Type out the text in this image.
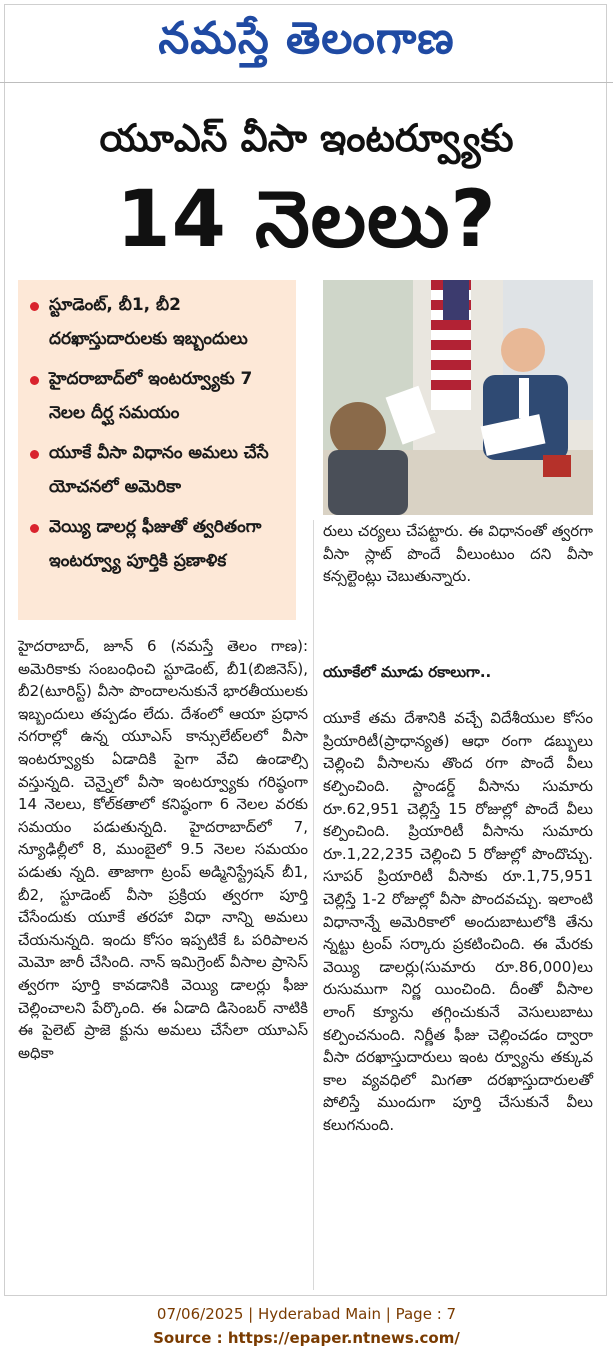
నమస్తే తెలంగాణ
యూఎస్ వీసా ఇంటర్వ్యూకు
14 నెలలు?
స్టూడెంట్, బీ1, బీ2 దరఖాస్తుదారులకు ఇబ్బందులు
హైదరాబాద్‌లో ఇంటర్వ్యూకు 7 నెలల దీర్ఘ సమయం
యూకే వీసా విధానం అమలు చేసే యోచనలో అమెరికా
వెయ్యి డాలర్ల ఫీజుతో త్వరితంగా ఇంటర్వ్యూ పూర్తికి ప్రణాళిక
రులు చర్యలు చేపట్టారు. ఈ విధానంతో త్వరగా వీసా స్లాట్ పొందే వీలుంటుం దని వీసా కన్సల్టెంట్లు చెబుతున్నారు.
హైదరాబాద్, జూన్ 6 (నమస్తే తెలం గాణ): అమెరికాకు సంబంధించి స్టూడెంట్, బీ1(బిజినెస్), బీ2(టూరిస్ట్) వీసా పొందాలనుకునే భారతీయులకు ఇబ్బందులు తప్పడం లేదు. దేశంలో ఆయా ప్రధాన నగరాల్లో ఉన్న యూఎస్ కాన్సులేట్‌లలో వీసా ఇంటర్వ్యూకు ఏడాదికి పైగా వేచి ఉండాల్సి వస్తున్నది. చెన్నైలో వీసా ఇంటర్వ్యూకు గరిష్ఠంగా 14 నెలలు, కోల్‌కతాలో కనిష్ఠంగా 6 నెలల వరకు సమయం పడుతున్నది. హైదరాబాద్‌లో 7, న్యూఢిల్లీలో 8, ముంబైలో 9.5 నెలల సమయం పడుతు న్నది. తాజాగా ట్రంప్ అడ్మినిస్ట్రేషన్ బీ1, బీ2, స్టూడెంట్ వీసా ప్రక్రియ త్వరగా పూర్తి చేసేందుకు యూకే తరహా విధా నాన్ని అమలు చేయనున్నది. ఇందు కోసం ఇప్పటికే ఓ పరిపాలన మెమో జారీ చేసింది. నాన్ ఇమిగ్రెంట్ వీసాల ప్రాసెస్ త్వరగా పూర్తి కావడానికి వెయ్యి డాలర్లు ఫీజు చెల్లించాలని పేర్కొంది. ఈ ఏడాది డిసెంబర్ నాటికి ఈ పైలెట్ ప్రాజె క్టును అమలు చేసేలా యూఎస్ అధికా

యూకేలో మూడు రకాలుగా..

యూకే తమ దేశానికి వచ్చే విదేశీయుల కోసం ప్రియారిటీ(ప్రాధాన్యత) ఆధా రంగా డబ్బులు చెల్లించి వీసాలను తొంద రగా పొందే వీలు కల్పించింది. స్టాండర్డ్ వీసాను సుమారు రూ.62,951 చెల్లిస్తే 15 రోజుల్లో పొందే వీలు కల్పించింది. ప్రియారిటీ వీసాను సుమారు రూ.1,22,235 చెల్లించి 5 రోజుల్లో పొందొచ్చు. సూపర్ ప్రియారిటీ వీసాకు రూ.1,75,951 చెల్లిస్తే 1-2 రోజుల్లో వీసా పొందవచ్చు. ఇలాంటి విధానాన్నే అమెరికాలో అందుబాటులోకి తేను న్నట్టు ట్రంప్ సర్కారు ప్రకటించింది. ఈ మేరకు వెయ్యి డాలర్లు(సుమారు రూ.86,000)లు రుసుముగా నిర్ణ యించింది. దీంతో వీసాల లాంగ్ క్యూను తగ్గించుకునే వెసులుబాటు కల్పించనుంది. నిర్ణీత ఫీజు చెల్లించడం ద్వారా వీసా దరఖాస్తుదారులు ఇంట ర్వ్యూను తక్కువ కాల వ్యవధిలో మిగతా దరఖాస్తుదారులతో పోలిస్తే ముందుగా పూర్తి చేసుకునే వీలు కలుగనుంది.

07/06/2025 | Hyderabad Main | Page : 7
Source : https://epaper.ntnews.com/
